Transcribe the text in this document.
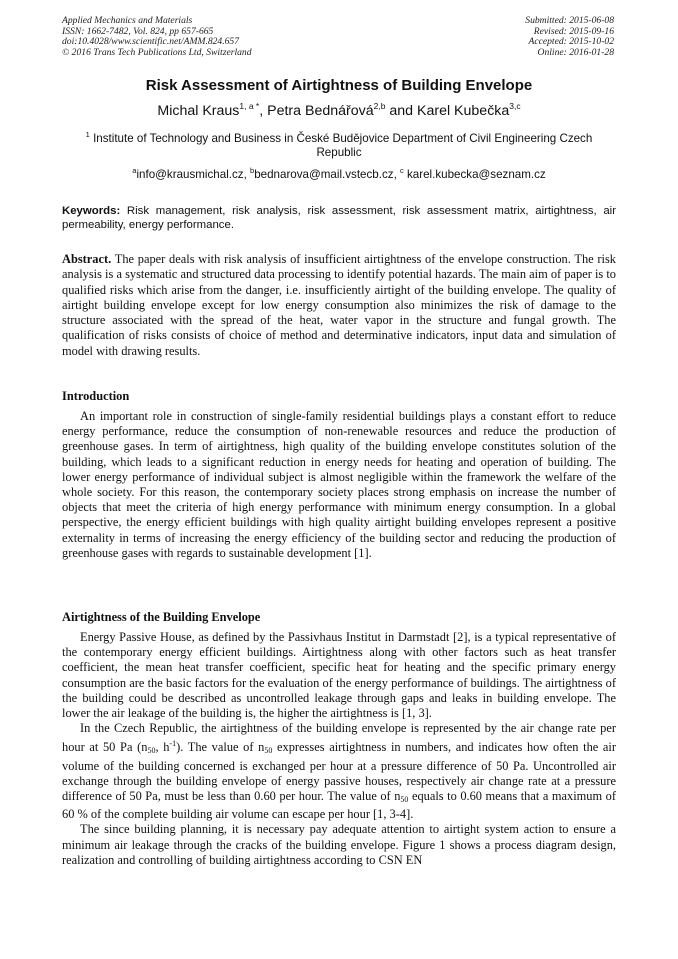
Applied Mechanics and Materials
ISSN: 1662-7482, Vol. 824, pp 657-665
doi:10.4028/www.scientific.net/AMM.824.657
© 2016 Trans Tech Publications Ltd, Switzerland
Submitted: 2015-06-08
Revised: 2015-09-16
Accepted: 2015-10-02
Online: 2016-01-28
Risk Assessment of Airtightness of Building Envelope
Michal Kraus$^{1, a *}$, Petra Bednářová$^{2,b}$ and Karel Kubečka$^{3,c}$
$^1$ Institute of Technology and Business in České Budějovice Department of Civil Engineering Czech Republic
$^a$info@krausmichal.cz, $^b$bednarova@mail.vstecb.cz, $^c$ karel.kubecka@seznam.cz
Keywords: Risk management, risk analysis, risk assessment, risk assessment matrix, airtightness, air permeability, energy performance.
Abstract. The paper deals with risk analysis of insufficient airtightness of the envelope construction. The risk analysis is a systematic and structured data processing to identify potential hazards. The main aim of paper is to qualified risks which arise from the danger, i.e. insufficiently airtight of the building envelope. The quality of airtight building envelope except for low energy consumption also minimizes the risk of damage to the structure associated with the spread of the heat, water vapor in the structure and fungal growth. The qualification of risks consists of choice of method and determinative indicators, input data and simulation of model with drawing results.
Introduction

An important role in construction of single-family residential buildings plays a constant effort to reduce energy performance, reduce the consumption of non-renewable resources and reduce the production of greenhouse gases. In term of airtightness, high quality of the building envelope constitutes solution of the building, which leads to a significant reduction in energy needs for heating and operation of building. The lower energy performance of individual subject is almost negligible within the framework the welfare of the whole society. For this reason, the contemporary society places strong emphasis on increase the number of objects that meet the criteria of high energy performance with minimum energy consumption. In a global perspective, the energy efficient buildings with high quality airtight building envelopes represent a positive externality in terms of increasing the energy efficiency of the building sector and reducing the production of greenhouse gases with regards to sustainable development [1].

Airtightness of the Building Envelope

Energy Passive House, as defined by the Passivhaus Institut in Darmstadt [2], is a typical representative of the contemporary energy efficient buildings. Airtightness along with other factors such as heat transfer coefficient, the mean heat transfer coefficient, specific heat for heating and the specific primary energy consumption are the basic factors for the evaluation of the energy performance of buildings. The airtightness of the building could be described as uncontrolled leakage through gaps and leaks in building envelope. The lower the air leakage of the building is, the higher the airtightness is [1, 3].

In the Czech Republic, the airtightness of the building envelope is represented by the air change rate per hour at 50 Pa ($n_{50}$, $h^{-1}$). The value of $n_{50}$ expresses airtightness in numbers, and indicates how often the air volume of the building concerned is exchanged per hour at a pressure difference of 50 Pa. Uncontrolled air exchange through the building envelope of energy passive houses, respectively air change rate at a pressure difference of 50 Pa, must be less than 0.60 per hour. The value of $n_{50}$ equals to 0.60 means that a maximum of 60 % of the complete building air volume can escape per hour [1, 3-4].

The since building planning, it is necessary pay adequate attention to airtight system action to ensure a minimum air leakage through the cracks of the building envelope. Figure 1 shows a process diagram design, realization and controlling of building airtightness according to CSN EN
